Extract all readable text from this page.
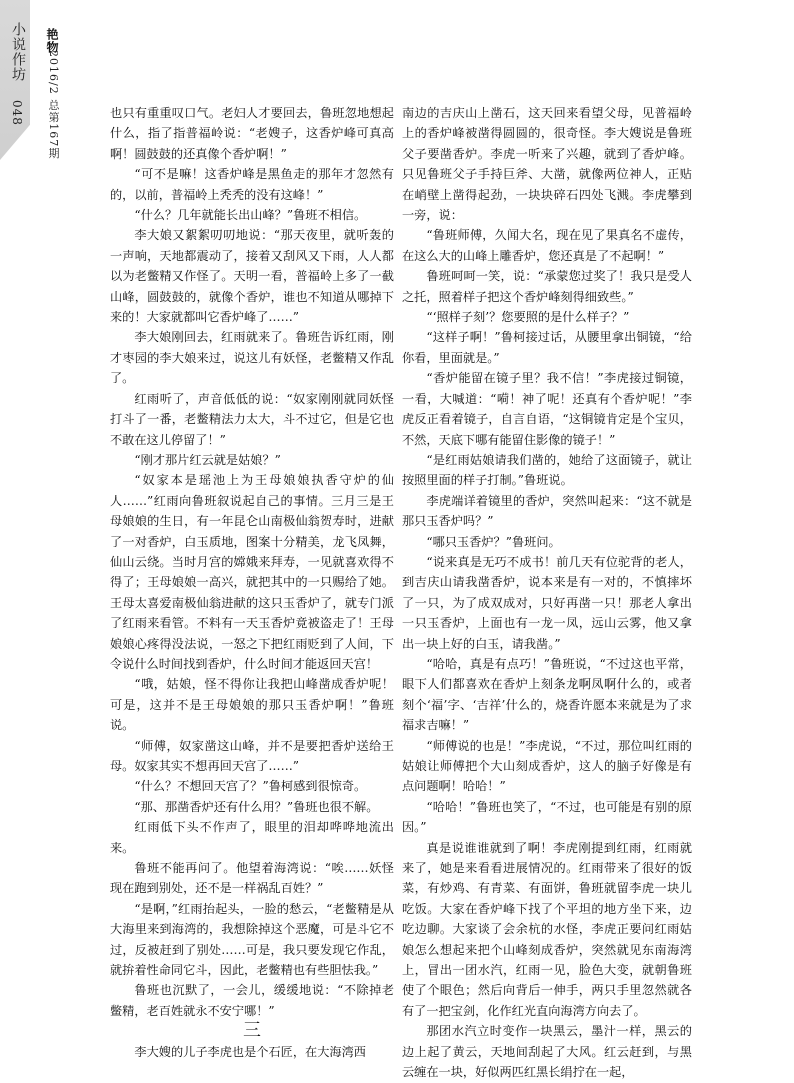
小说作坊
048
艳物
2016/2 总第167期	也只有重重叹口气。老妇人才要回去，鲁班忽地想起什么，指了指普福岭说：“老嫂子，这香炉峰可真高啊！圆鼓鼓的还真像个香炉啊！”

“可不是嘛！这香炉峰是黑鱼走的那年才忽然有的，以前，普福岭上秃秃的没有这峰！”

“什么？几年就能长出山峰？”鲁班不相信。

李大娘又絮絮叨叨地说：“那天夜里，就听轰的一声响，天地都震动了，接着又刮风又下雨，人人都以为老鳖精又作怪了。天明一看，普福岭上多了一截山峰，圆鼓鼓的，就像个香炉，谁也不知道从哪掉下来的！大家就都叫它香炉峰了……”

李大娘刚回去，红雨就来了。鲁班告诉红雨，刚才枣园的李大娘来过，说这儿有妖怪，老鳖精又作乱了。

红雨听了，声音低低的说：“奴家刚刚就同妖怪打斗了一番，老鳖精法力太大，斗不过它，但是它也不敢在这儿停留了！”

“刚才那片红云就是姑娘？”

“奴家本是瑶池上为王母娘娘执香守炉的仙人……”红雨向鲁班叙说起自己的事情。三月三是王母娘娘的生日，有一年昆仑山南极仙翁贺寿时，进献了一对香炉，白玉质地，图案十分精美，龙飞凤舞，仙山云绕。当时月宫的嫦娥来拜寿，一见就喜欢得不得了；王母娘娘一高兴，就把其中的一只赐给了她。王母太喜爱南极仙翁进献的这只玉香炉了，就专门派了红雨来看管。不料有一天玉香炉竟被盗走了！王母娘娘心疼得没法说，一怒之下把红雨贬到了人间，下令说什么时间找到香炉，什么时间才能返回天宫！

“哦，姑娘，怪不得你让我把山峰凿成香炉呢！可是，这并不是王母娘娘的那只玉香炉啊！”鲁班说。

“师傅，奴家凿这山峰，并不是要把香炉送给王母。奴家其实不想再回天宫了……”

“什么？不想回天宫了？”鲁柯感到很惊奇。

“那、那凿香炉还有什么用？”鲁班也很不解。

红雨低下头不作声了，眼里的泪却哗哗地流出来。

鲁班不能再问了。他望着海湾说：“唉……妖怪现在跑到别处，还不是一样祸乱百姓？”

“是啊，”红雨抬起头，一脸的愁云，“老鳖精是从大海里来到海湾的，我想除掉这个恶魔，可是斗它不过，反被赶到了别处……可是，我只要发现它作乱，就拚着性命同它斗，因此，老鳖精也有些胆怯我。”

鲁班也沉默了，一会儿，缓缓地说：“不除掉老鳖精，老百姓就永不安宁哪！”

三

李大嫂的儿子李虎也是个石匠，在大海湾西

南边的吉庆山上凿石，这天回来看望父母，见普福岭上的香炉峰被凿得圆圆的，很奇怪。李大嫂说是鲁班父子要凿香炉。李虎一听来了兴趣，就到了香炉峰。只见鲁班父子手持巨斧、大凿，就像两位神人，正贴在峭壁上凿得起劲，一块块碎石四处飞溅。李虎攀到一旁，说：

“鲁班师傅，久闻大名，现在见了果真名不虚传，在这么大的山峰上雕香炉，您还真是了不起啊！”

鲁班呵呵一笑，说：“承蒙您过奖了！我只是受人之托，照着样子把这个香炉峰刻得细致些。”

“‘照样子刻’？您要照的是什么样子？”

“这样子啊！”鲁柯接过话，从腰里拿出铜镜，“给你看，里面就是。”

“香炉能留在镜子里？我不信！”李虎接过铜镜，一看，大喊道：“嗬！神了呢！还真有个香炉呢！”李虎反正看着镜子，自言自语，“这铜镜肯定是个宝贝，不然，天底下哪有能留住影像的镜子！”

“是红雨姑娘请我们凿的，她给了这面镜子，就让按照里面的样子打制。”鲁班说。

李虎端详着镜里的香炉，突然叫起来：“这不就是那只玉香炉吗？”

“哪只玉香炉？”鲁班问。

“说来真是无巧不成书！前几天有位驼背的老人，到吉庆山请我凿香炉，说本来是有一对的，不慎摔坏了一只，为了成双成对，只好再凿一只！那老人拿出一只玉香炉，上面也有一龙一凤，远山云雾，他又拿出一块上好的白玉，请我凿。”

“哈哈，真是有点巧！”鲁班说，“不过这也平常，眼下人们都喜欢在香炉上刻条龙啊凤啊什么的，或者刻个‘福’字、‘吉祥’什么的，烧香许愿本来就是为了求福求吉嘛！”

“师傅说的也是！”李虎说，“不过，那位叫红雨的姑娘让师傅把个大山刻成香炉，这人的脑子好像是有点问题啊！哈哈！”

“哈哈！”鲁班也笑了，“不过，也可能是有别的原因。”

真是说谁谁就到了啊！李虎刚提到红雨，红雨就来了，她是来看看进展情况的。红雨带来了很好的饭菜，有炒鸡、有青菜、有面饼，鲁班就留李虎一块儿吃饭。大家在香炉峰下找了个平坦的地方坐下来，边吃边聊。大家谈了会余杭的水怪，李虎正要问红雨姑娘怎么想起来把个山峰刻成香炉，突然就见东南海湾上，冒出一团水汽，红雨一见，脸色大变，就朝鲁班使了个眼色；然后向背后一伸手，两只手里忽然就各有了一把宝剑，化作红光直向海湾方向去了。

那团水汽立时变作一块黑云，墨汁一样，黑云的边上起了黄云，天地间刮起了大风。红云赶到，与黑云缠在一块，好似两匹红黑长绢拧在一起，
